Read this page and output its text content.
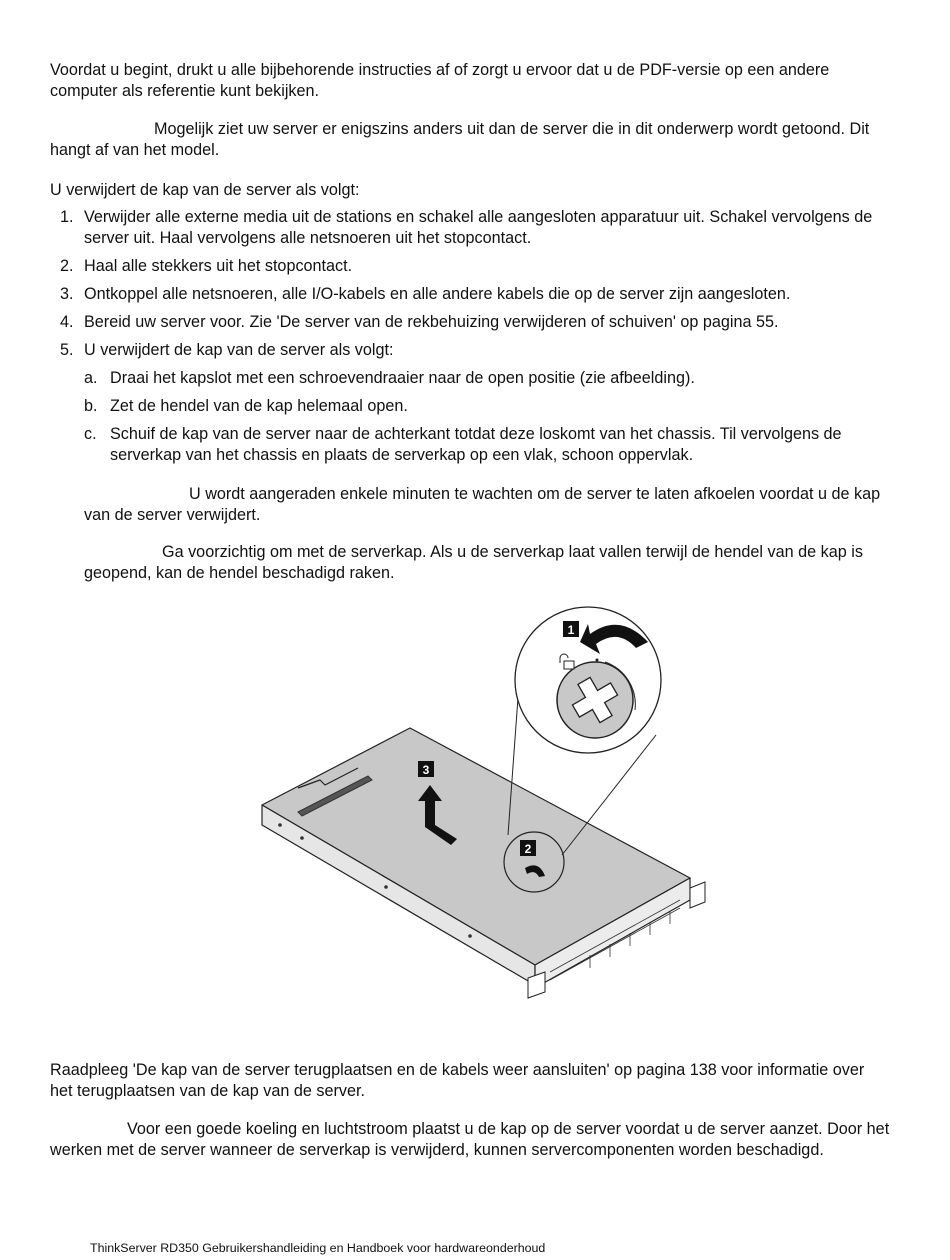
Voordat u begint, drukt u alle bijbehorende instructies af of zorgt u ervoor dat u de PDF-versie op een andere computer als referentie kunt bekijken.

Mogelijk ziet uw server er enigszins anders uit dan de server die in dit onderwerp wordt getoond. Dit hangt af van het model.

U verwijdert de kap van de server als volgt:

1. Verwijder alle externe media uit de stations en schakel alle aangesloten apparatuur uit. Schakel vervolgens de server uit. Haal vervolgens alle netsnoeren uit het stopcontact.
2. Haal alle stekkers uit het stopcontact.
3. Ontkoppel alle netsnoeren, alle I/O-kabels en alle andere kabels die op de server zijn aangesloten.
4. Bereid uw server voor. Zie 'De server van de rekbehuizing verwijderen of schuiven' op pagina 55.
5. U verwijdert de kap van de server als volgt:
a. Draai het kapslot met een schroevendraaier naar de open positie (zie afbeelding).
b. Zet de hendel van de kap helemaal open.
c. Schuif de kap van de server naar de achterkant totdat deze loskomt van het chassis. Til vervolgens de serverkap van het chassis en plaats de serverkap op een vlak, schoon oppervlak.

U wordt aangeraden enkele minuten te wachten om de server te laten afkoelen voordat u de kap van de server verwijdert.

Ga voorzichtig om met de serverkap. Als u de serverkap laat vallen terwijl de hendel van de kap is geopend, kan de hendel beschadigd raken.

1
2
3

Raadpleeg 'De kap van de server terugplaatsen en de kabels weer aansluiten' op pagina 138 voor informatie over het terugplaatsen van de kap van de server.

Voor een goede koeling en luchtstroom plaatst u de kap op de server voordat u de server aanzet. Door het werken met de server wanneer de serverkap is verwijderd, kunnen servercomponenten worden beschadigd.

ThinkServer RD350 Gebruikershandleiding en Handboek voor hardwareonderhoud
